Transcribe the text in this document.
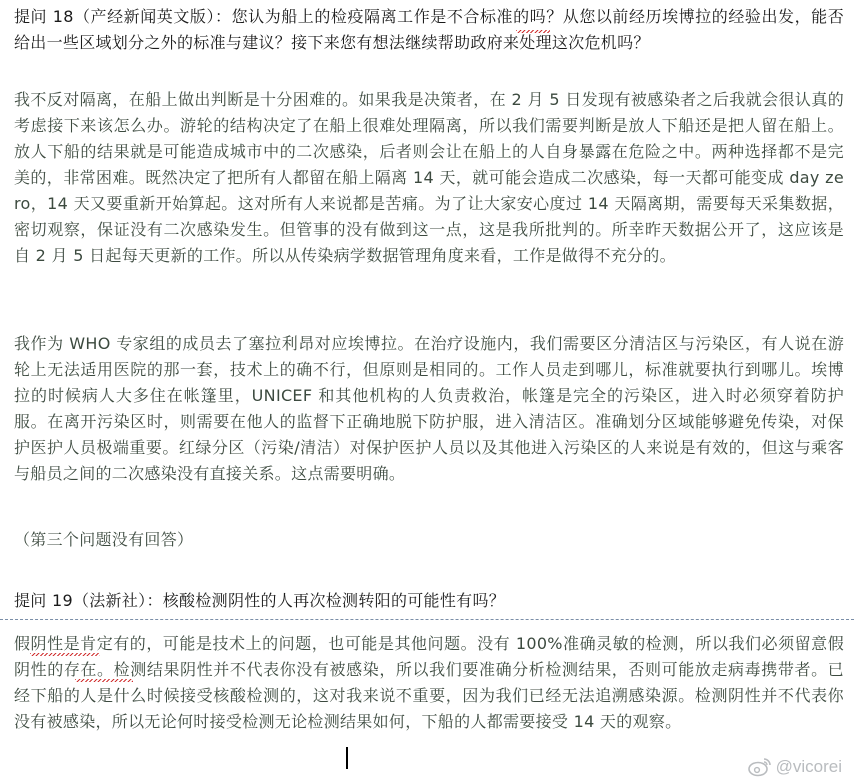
提问 18（产经新闻英文版）：您认为船上的检疫隔离工作是不合标准的吗？从您以前经历埃博拉的经验出发，能否给出一些区域划分之外的标准与建议？接下来您有想法继续帮助政府来处理这次危机吗？

我不反对隔离，在船上做出判断是十分困难的。如果我是决策者，在 2 月 5 日发现有被感染者之后我就会很认真的考虑接下来该怎么办。游轮的结构决定了在船上很难处理隔离，所以我们需要判断是放人下船还是把人留在船上。放人下船的结果就是可能造成城市中的二次感染，后者则会让在船上的人自身暴露在危险之中。两种选择都不是完美的，非常困难。既然决定了把所有人都留在船上隔离 14 天，就可能会造成二次感染，每一天都可能变成 day zero，14 天又要重新开始算起。这对所有人来说都是苦痛。为了让大家安心度过 14 天隔离期，需要每天采集数据，密切观察，保证没有二次感染发生。但管事的没有做到这一点，这是我所批判的。所幸昨天数据公开了，这应该是自 2 月 5 日起每天更新的工作。所以从传染病学数据管理角度来看，工作是做得不充分的。

我作为 WHO 专家组的成员去了塞拉利昂对应埃博拉。在治疗设施内，我们需要区分清洁区与污染区，有人说在游轮上无法适用医院的那一套，技术上的确不行，但原则是相同的。工作人员走到哪儿，标准就要执行到哪儿。埃博拉的时候病人大多住在帐篷里，UNICEF 和其他机构的人负责救治，帐篷是完全的污染区，进入时必须穿着防护服。在离开污染区时，则需要在他人的监督下正确地脱下防护服，进入清洁区。准确划分区域能够避免传染，对保护医护人员极端重要。红绿分区（污染/清洁）对保护医护人员以及其他进入污染区的人来说是有效的，但这与乘客与船员之间的二次感染没有直接关系。这点需要明确。

（第三个问题没有回答）

提问 19（法新社）：核酸检测阴性的人再次检测转阳的可能性有吗？

假阴性是肯定有的，可能是技术上的问题，也可能是其他问题。没有 100%准确灵敏的检测，所以我们必须留意假阴性的存在。检测结果阴性并不代表你没有被感染，所以我们要准确分析检测结果，否则可能放走病毒携带者。已经下船的人是什么时候接受核酸检测的，这对我来说不重要，因为我们已经无法追溯感染源。检测阴性并不代表你没有被感染，所以无论何时接受检测无论检测结果如何，下船的人都需要接受 14 天的观察。

@vicorei
